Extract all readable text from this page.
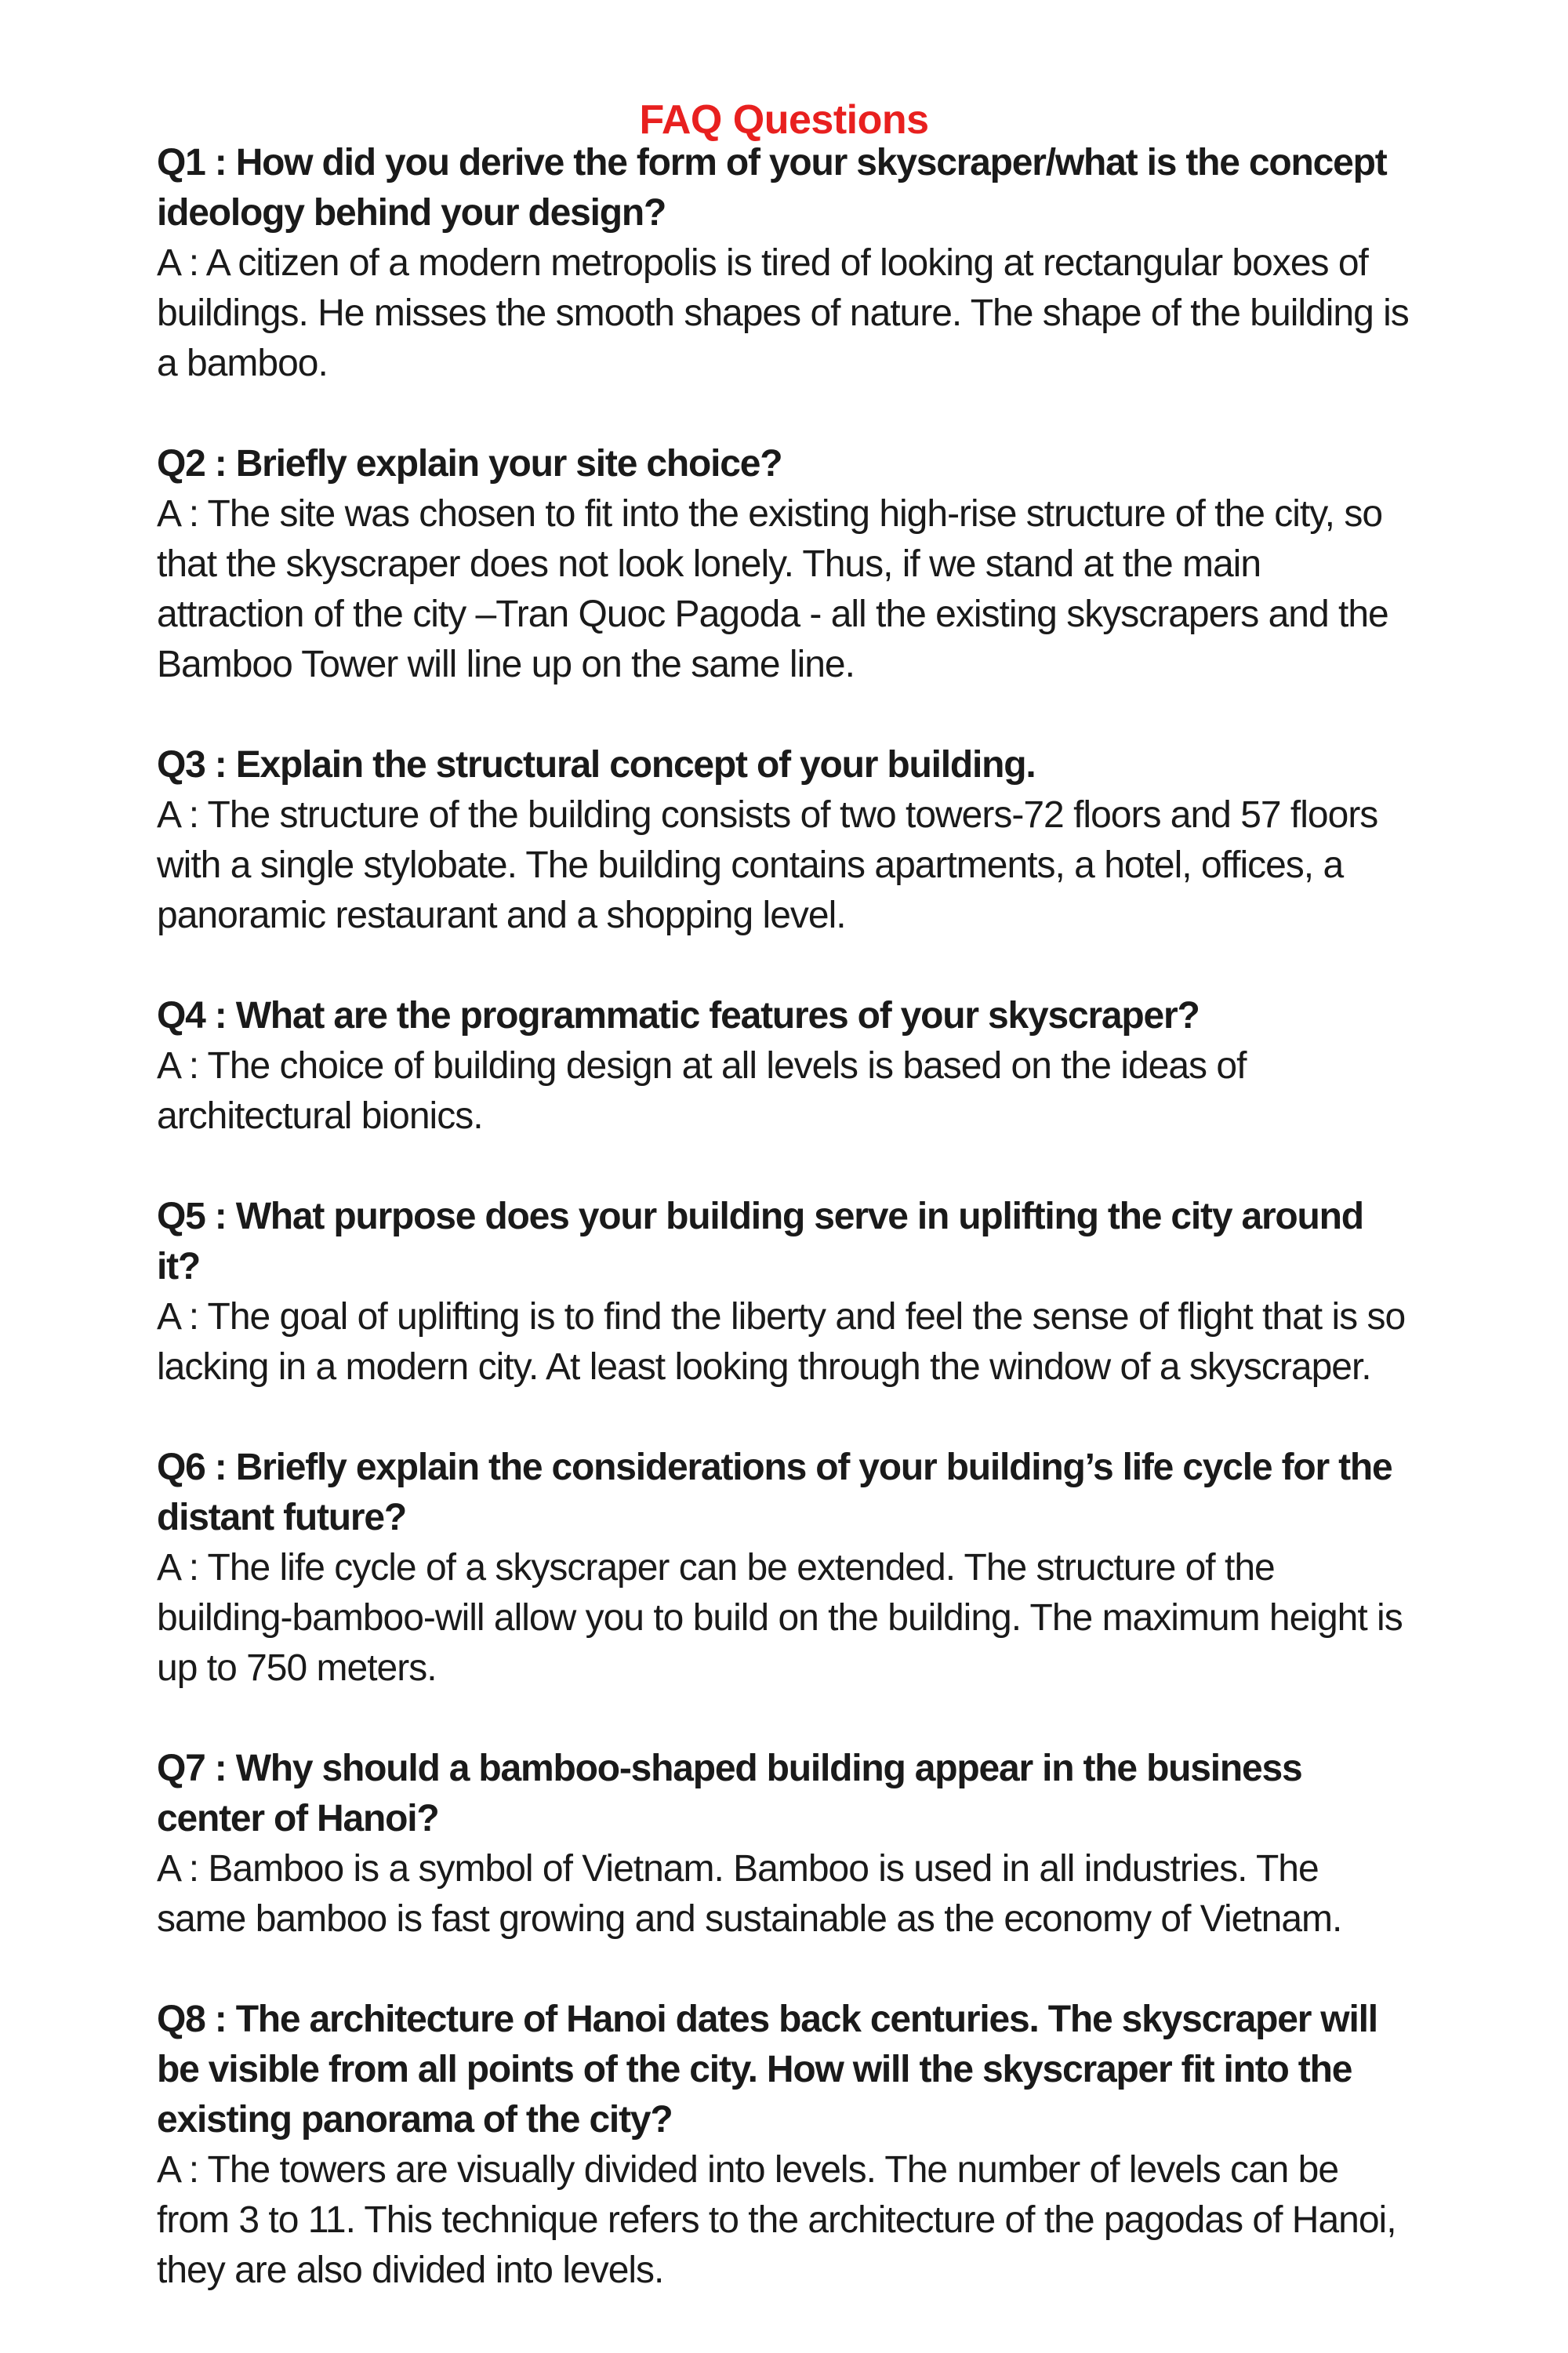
FAQ Questions

Q1 : How did you derive the form of your skyscraper/what is the concept ideology behind your design?

A : A citizen of a modern metropolis is tired of looking at rectangular boxes of buildings. He misses the smooth shapes of nature. The shape of the building is a bamboo.

Q2 : Briefly explain your site choice?

A : The site was chosen to fit into the existing high-rise structure of the city, so that the skyscraper does not look lonely. Thus, if we stand at the main attraction of the city –Tran Quoc Pagoda - all the existing skyscrapers and the Bamboo Tower will line up on the same line.

Q3 : Explain the structural concept of your building.

A : The structure of the building consists of two towers-72 floors and 57 floors with a single stylobate. The building contains apartments, a hotel, offices, a panoramic restaurant and a shopping level.

Q4 : What are the programmatic features of your skyscraper?

A : The choice of building design at all levels is based on the ideas of architectural bionics.

Q5 : What purpose does your building serve in uplifting the city around it?

A : The goal of uplifting is to find the liberty and feel the sense of flight that is so lacking in a modern city. At least looking through the window of a skyscraper.

Q6 : Briefly explain the considerations of your building’s life cycle for the distant future?

A : The life cycle of a skyscraper can be extended. The structure of the building-bamboo-will allow you to build on the building. The maximum height is up to 750 meters.

Q7 : Why should a bamboo-shaped building appear in the business center of Hanoi?

A : Bamboo is a symbol of Vietnam. Bamboo is used in all industries. The same bamboo is fast growing and sustainable as the economy of Vietnam.

Q8 : The architecture of Hanoi dates back centuries. The skyscraper will be visible from all points of the city. How will the skyscraper fit into the existing panorama of the city?

A : The towers are visually divided into levels. The number of levels can be from 3 to 11. This technique refers to the architecture of the pagodas of Hanoi, they are also divided into levels.
